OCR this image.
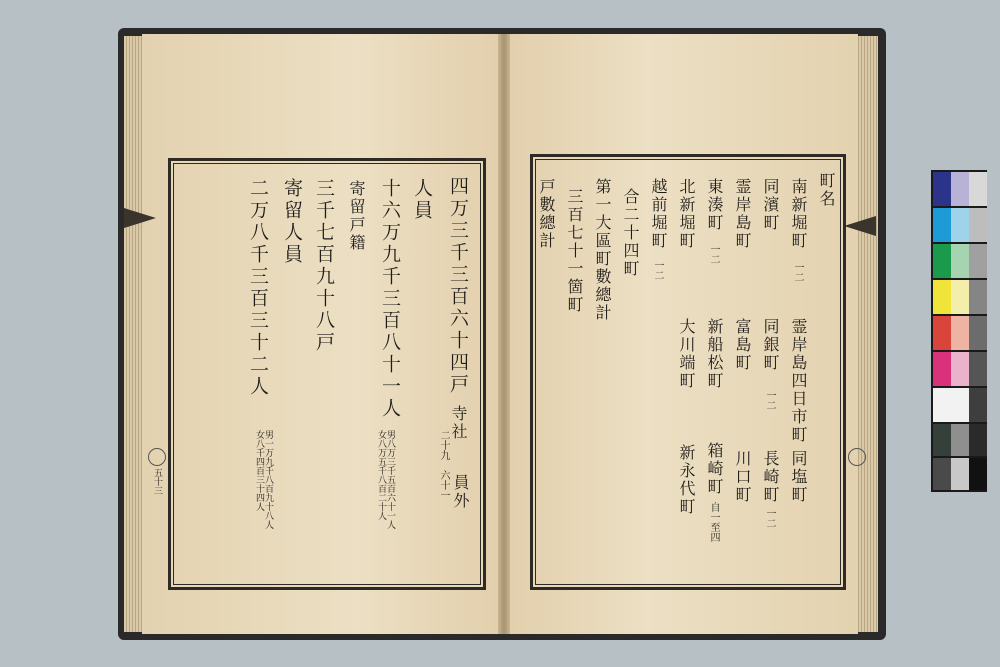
五十三
四万三千三百六十四戸
寺社
二十九　六十一 員外
人員
十六万九千三百八十一人
男八万三千五百六十一人
女八万五千八百二十人
寄留戸籍
三千七百九十八戸
寄留人員
二万八千三百三十二人
男一万九千八百九十八人
女八千四百三十四人
町名
南新堀町
一二
霊岸島四日市町
同濱町
同銀町
一二
霊岸島町
富島町
東湊町
一二
新船松町
北新堀町
大川端町
越前堀町
一二
合二十四町
第一大區町數總計
三百七十一箇町
戸數總計
同塩町
長崎町
一二
川口町
箱崎町
自一至四
新永代町
